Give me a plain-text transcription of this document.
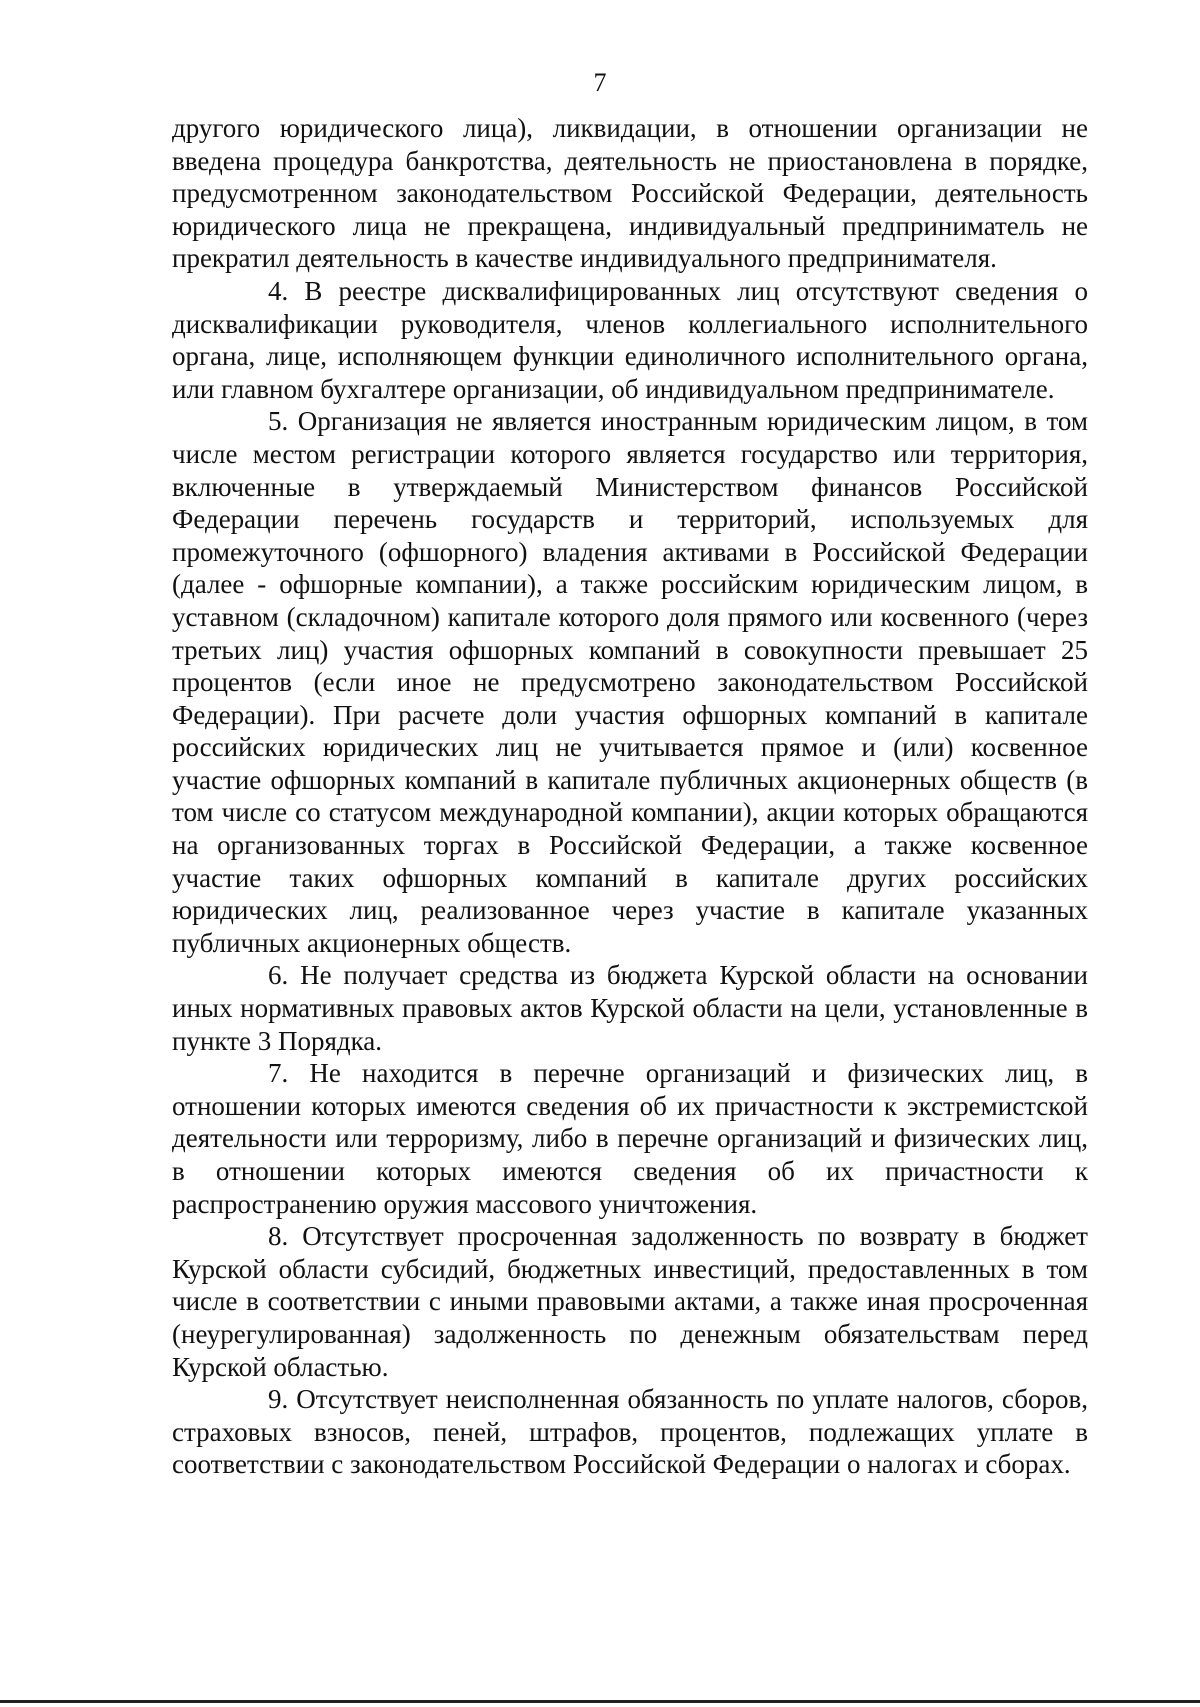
7

другого юридического лица), ликвидации, в отношении организации не введена процедура банкротства, деятельность не приостановлена в порядке, предусмотренном законодательством Российской Федерации, деятельность юридического лица не прекращена, индивидуальный предприниматель не прекратил деятельность в качестве индивидуального предпринимателя.

4. В реестре дисквалифицированных лиц отсутствуют сведения о дисквалификации руководителя, членов коллегиального исполнительного органа, лице, исполняющем функции единоличного исполнительного органа, или главном бухгалтере организации, об индивидуальном предпринимателе.

5. Организация не является иностранным юридическим лицом, в том числе местом регистрации которого является государство или территория, включенные в утверждаемый Министерством финансов Российской Федерации перечень государств и территорий, используемых для промежуточного (офшорного) владения активами в Российской Федерации (далее - офшорные компании), а также российским юридическим лицом, в уставном (складочном) капитале которого доля прямого или косвенного (через третьих лиц) участия офшорных компаний в совокупности превышает 25 процентов (если иное не предусмотрено законодательством Российской Федерации). При расчете доли участия офшорных компаний в капитале российских юридических лиц не учитывается прямое и (или) косвенное участие офшорных компаний в капитале публичных акционерных обществ (в том числе со статусом международной компании), акции которых обращаются на организованных торгах в Российской Федерации, а также косвенное участие таких офшорных компаний в капитале других российских юридических лиц, реализованное через участие в капитале указанных публичных акционерных обществ.

6. Не получает средства из бюджета Курской области на основании иных нормативных правовых актов Курской области на цели, установленные в пункте 3 Порядка.

7. Не находится в перечне организаций и физических лиц, в отношении которых имеются сведения об их причастности к экстремистской деятельности или терроризму, либо в перечне организаций и физических лиц, в отношении которых имеются сведения об их причастности к распространению оружия массового уничтожения.

8. Отсутствует просроченная задолженность по возврату в бюджет Курской области субсидий, бюджетных инвестиций, предоставленных в том числе в соответствии с иными правовыми актами, а также иная просроченная (неурегулированная) задолженность по денежным обязательствам перед Курской областью.

9. Отсутствует неисполненная обязанность по уплате налогов, сборов, страховых взносов, пеней, штрафов, процентов, подлежащих уплате в соответствии с законодательством Российской Федерации о налогах и сборах.
